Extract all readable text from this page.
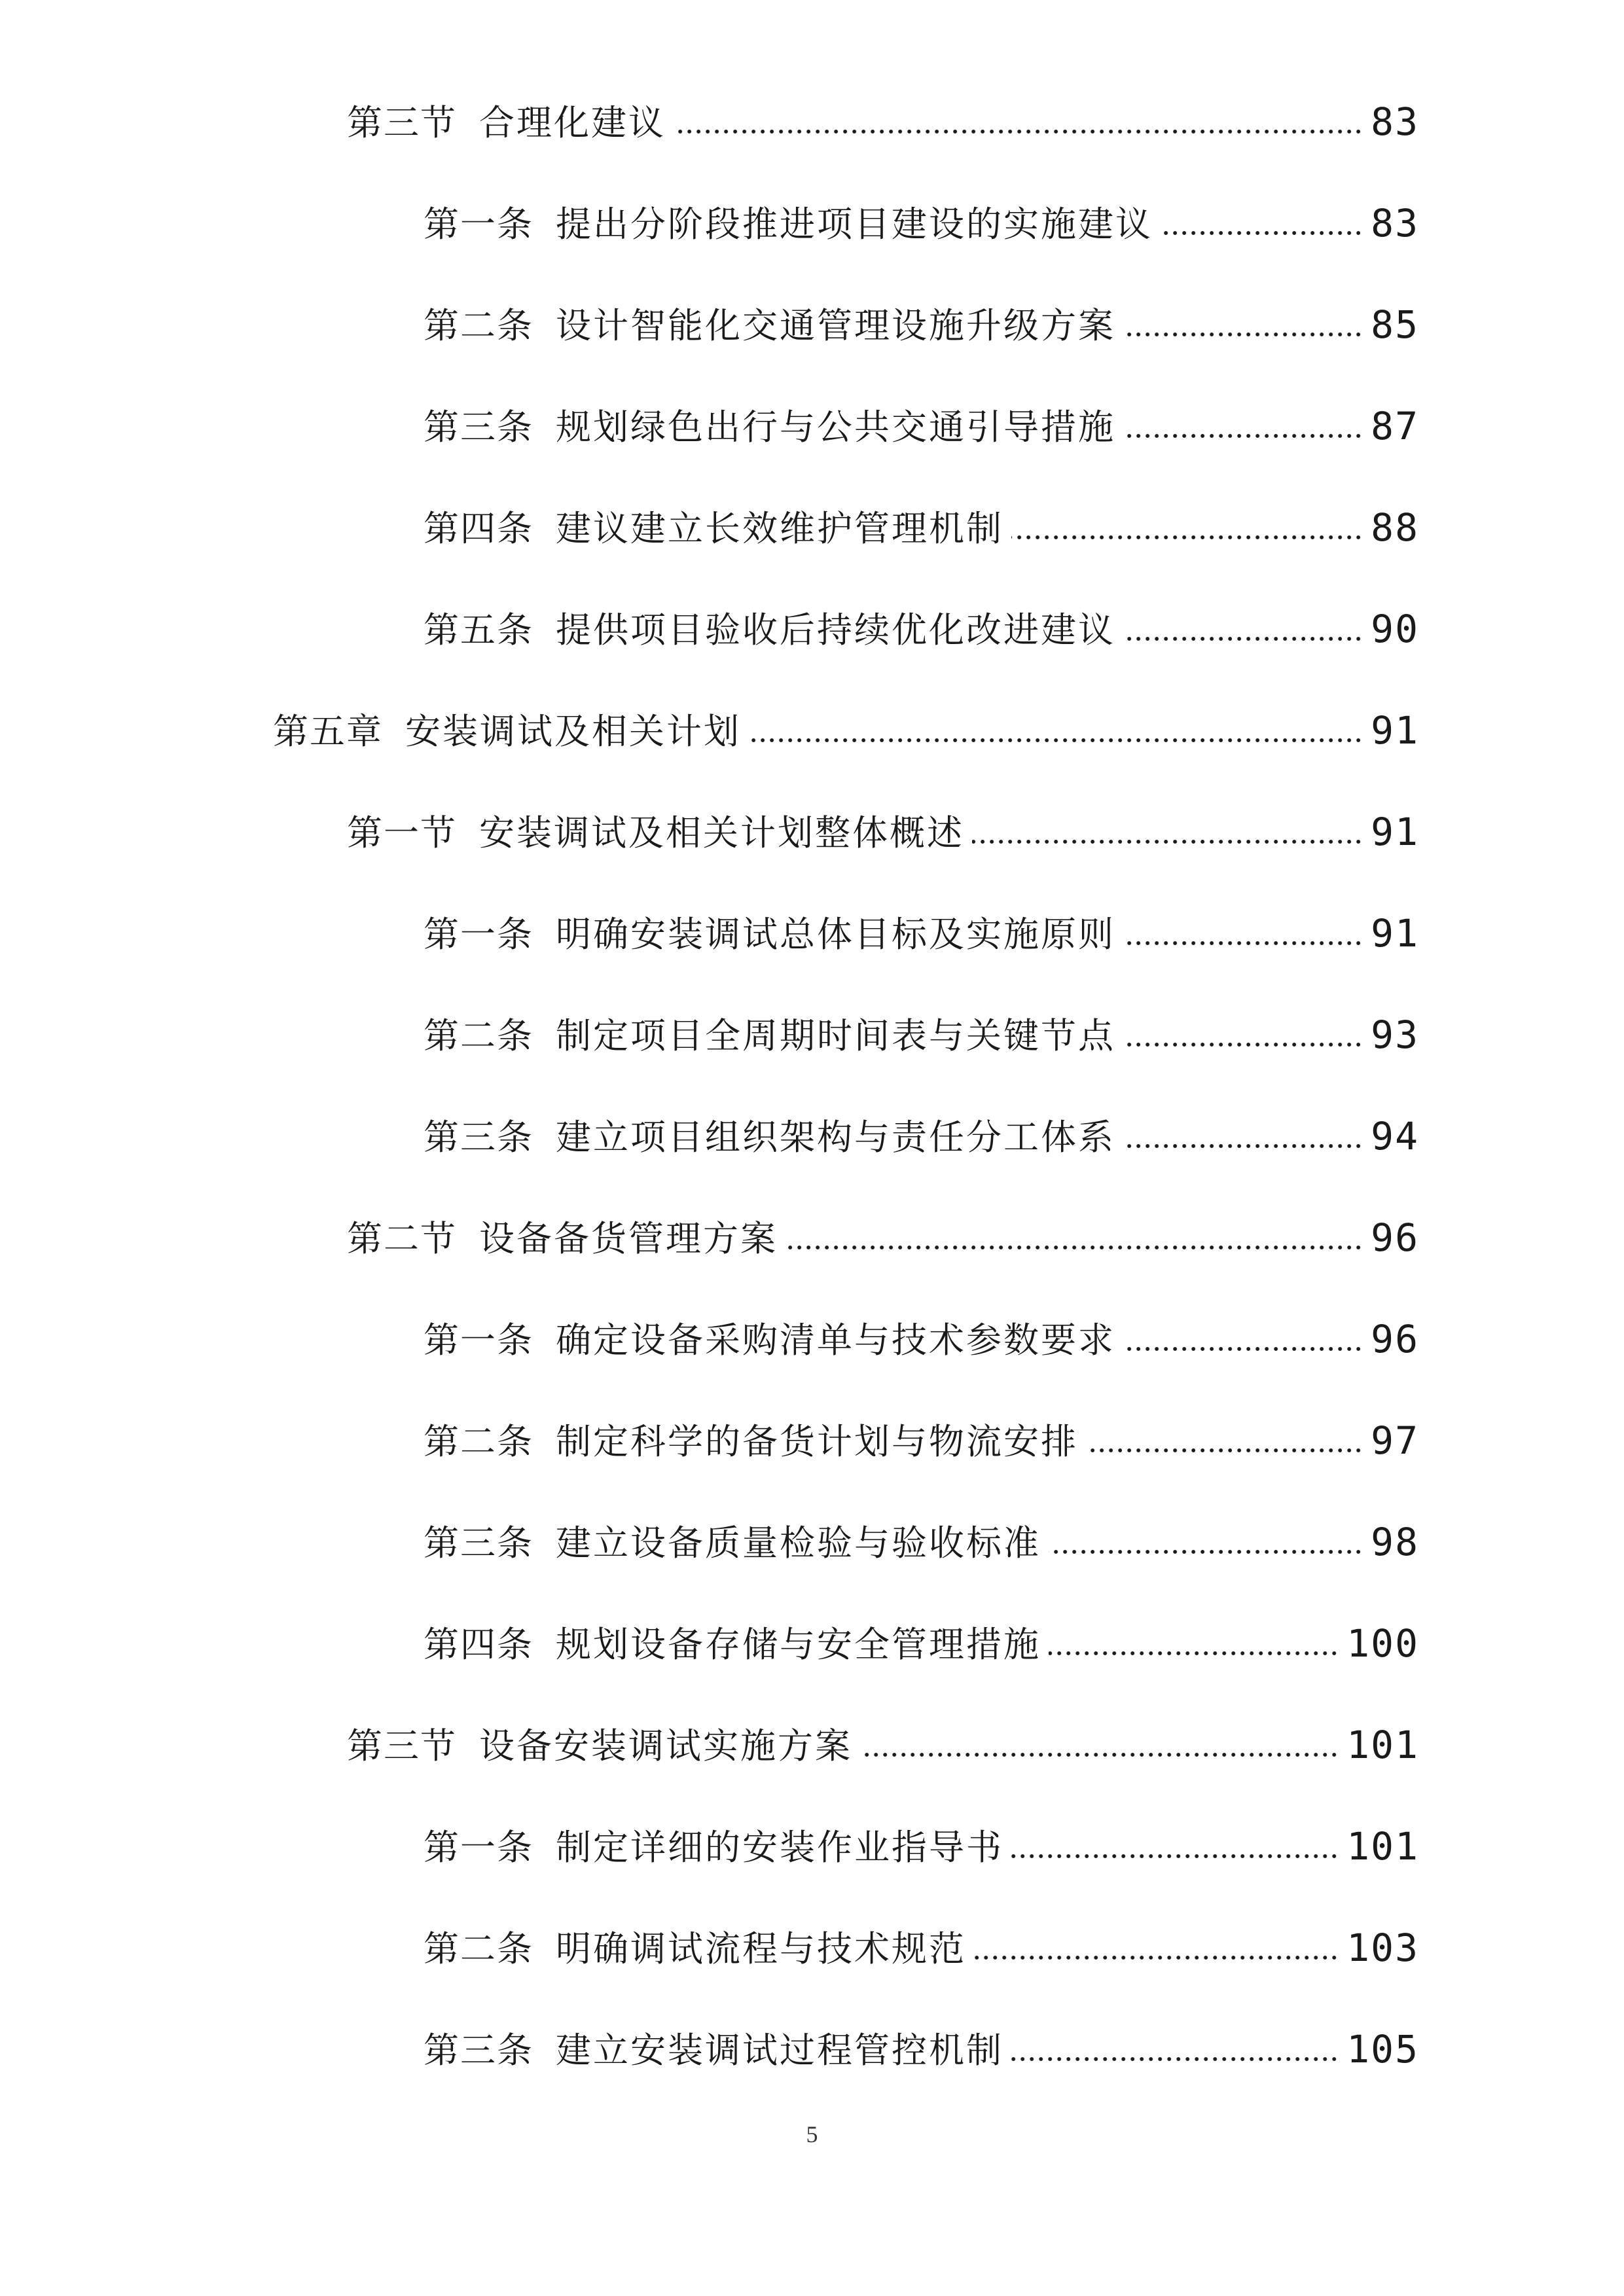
第三节 合理化建议	83
第一条 提出分阶段推进项目建设的实施建议	83
第二条 设计智能化交通管理设施升级方案	85
第三条 规划绿色出行与公共交通引导措施	87
第四条 建议建立长效维护管理机制	88
第五条 提供项目验收后持续优化改进建议	90
第五章 安装调试及相关计划	91
第一节 安装调试及相关计划整体概述	91
第一条 明确安装调试总体目标及实施原则	91
第二条 制定项目全周期时间表与关键节点	93
第三条 建立项目组织架构与责任分工体系	94
第二节 设备备货管理方案	96
第一条 确定设备采购清单与技术参数要求	96
第二条 制定科学的备货计划与物流安排	97
第三条 建立设备质量检验与验收标准	98
第四条 规划设备存储与安全管理措施	100
第三节 设备安装调试实施方案	101
第一条 制定详细的安装作业指导书	101
第二条 明确调试流程与技术规范	103
第三条 建立安装调试过程管控机制	105
5
